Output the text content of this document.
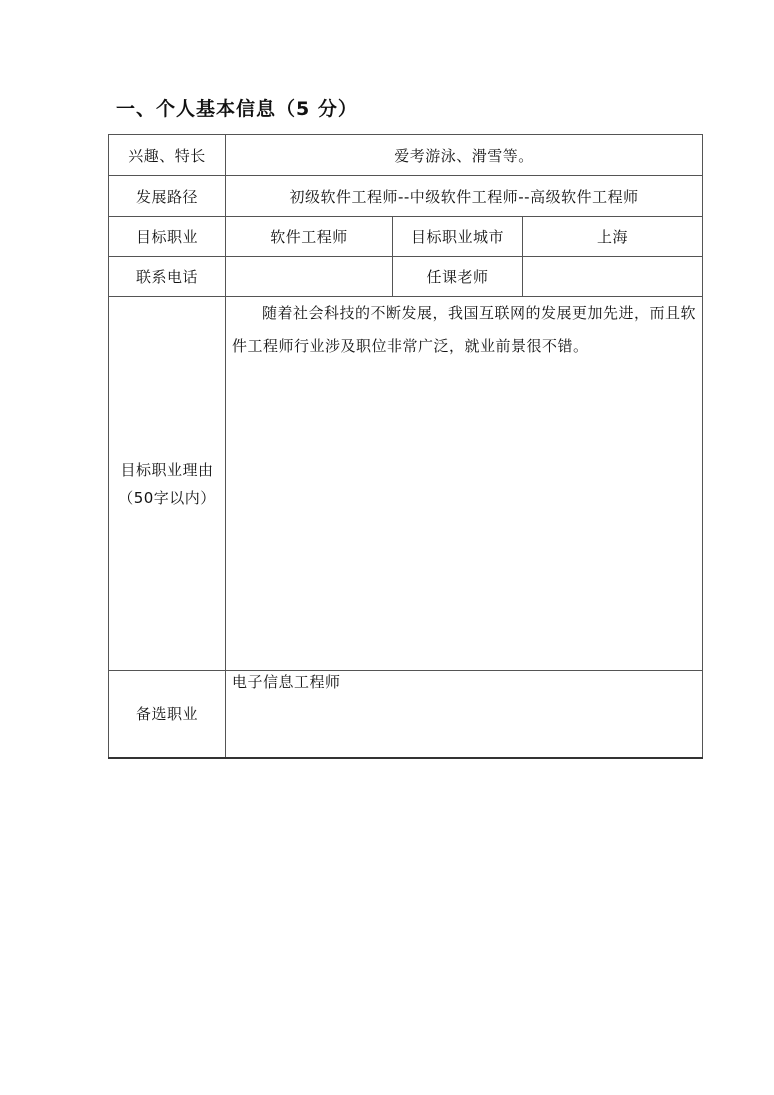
一、个人基本信息（5 分）
兴趣、特长	爱考游泳、滑雪等。		
发展路径	初级软件工程师--中级软件工程师--高级软件工程师		
目标职业	软件工程师	目标职业城市	上海
联系电话		任课老师	
目标职业理由（50字以内）	随着社会科技的不断发展，我国互联网的发展更加先进，而且软件工程师行业涉及职位非常广泛，就业前景很不错。		
备选职业	电子信息工程师		
